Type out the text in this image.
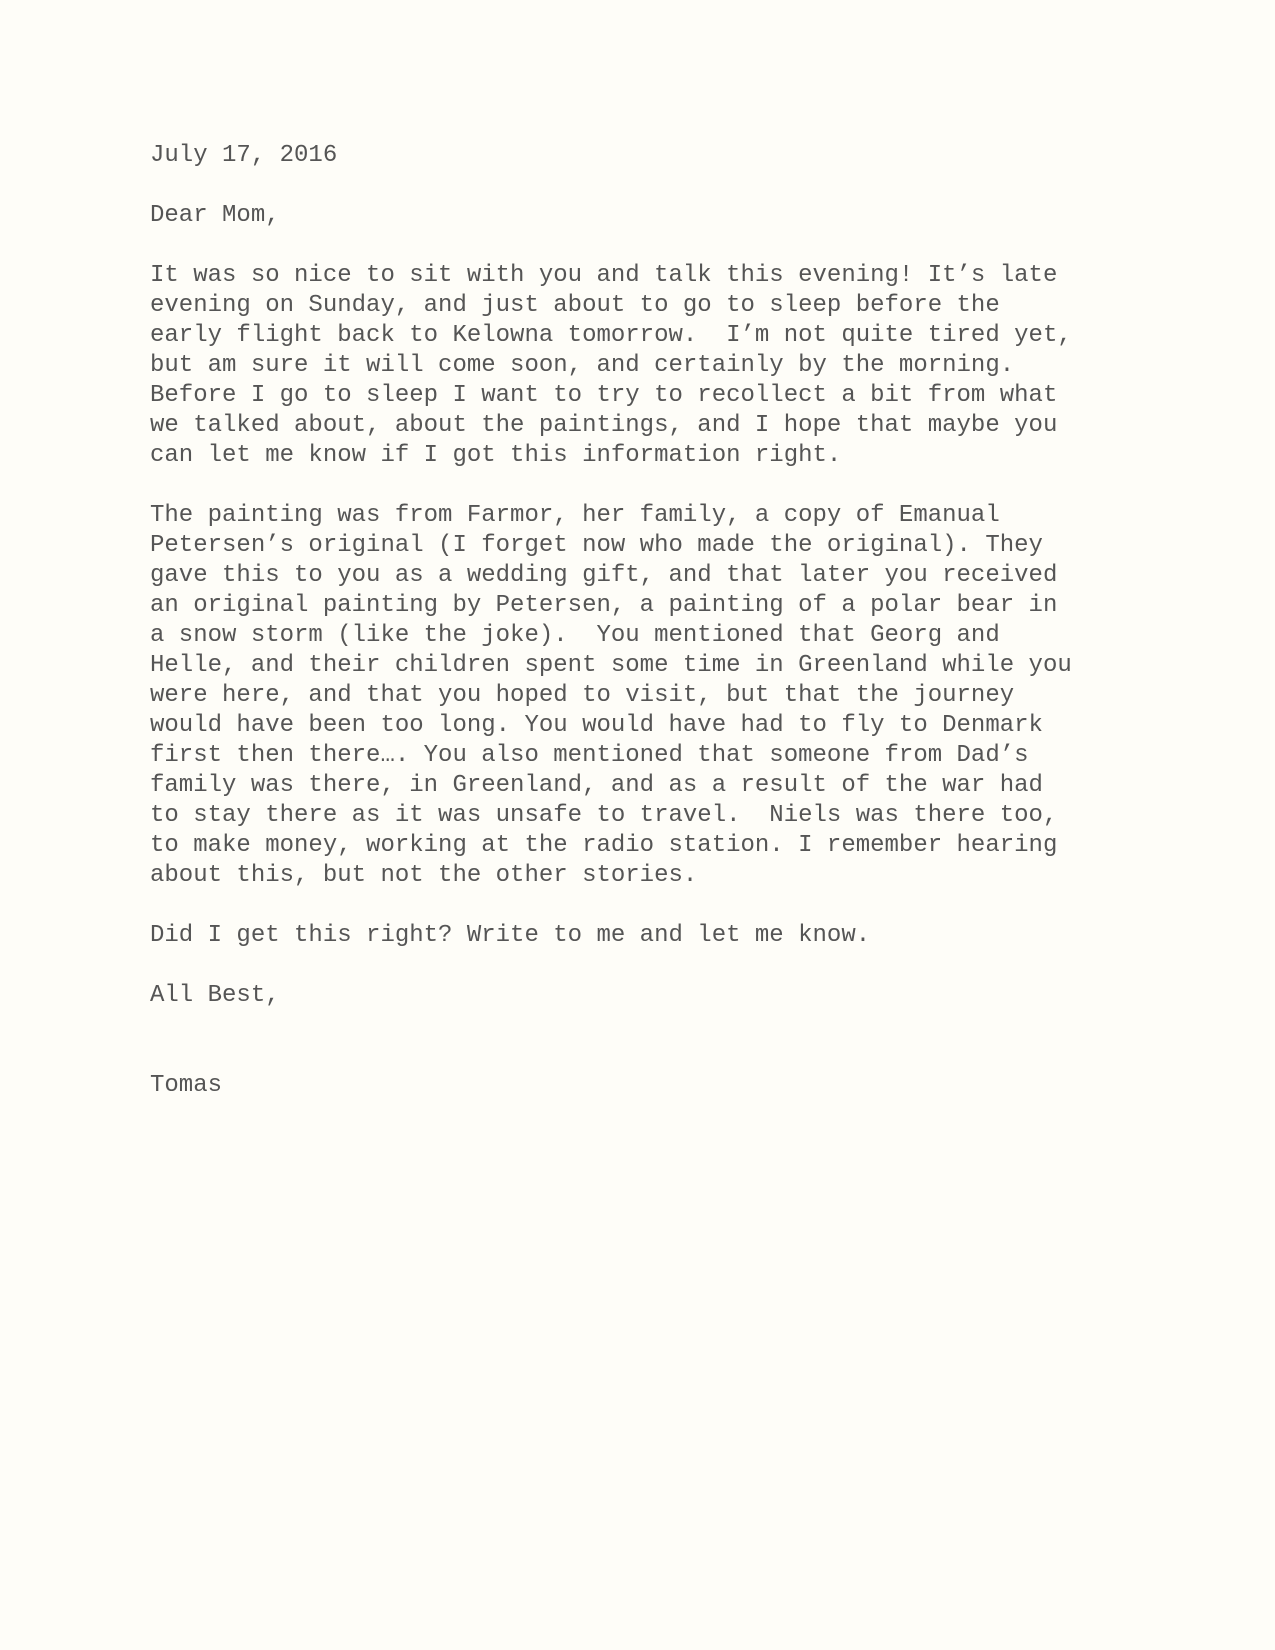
July 17, 2016
Dear Mom,
It was so nice to sit with you and talk this evening! It’s late
evening on Sunday, and just about to go to sleep before the
early flight back to Kelowna tomorrow.  I’m not quite tired yet,
but am sure it will come soon, and certainly by the morning.
Before I go to sleep I want to try to recollect a bit from what
we talked about, about the paintings, and I hope that maybe you
can let me know if I got this information right.
The painting was from Farmor, her family, a copy of Emanual
Petersen’s original (I forget now who made the original). They
gave this to you as a wedding gift, and that later you received
an original painting by Petersen, a painting of a polar bear in
a snow storm (like the joke).  You mentioned that Georg and
Helle, and their children spent some time in Greenland while you
were here, and that you hoped to visit, but that the journey
would have been too long. You would have had to fly to Denmark
first then there…. You also mentioned that someone from Dad’s
family was there, in Greenland, and as a result of the war had
to stay there as it was unsafe to travel.  Niels was there too,
to make money, working at the radio station. I remember hearing
about this, but not the other stories.
Did I get this right? Write to me and let me know.
All Best,
Tomas
